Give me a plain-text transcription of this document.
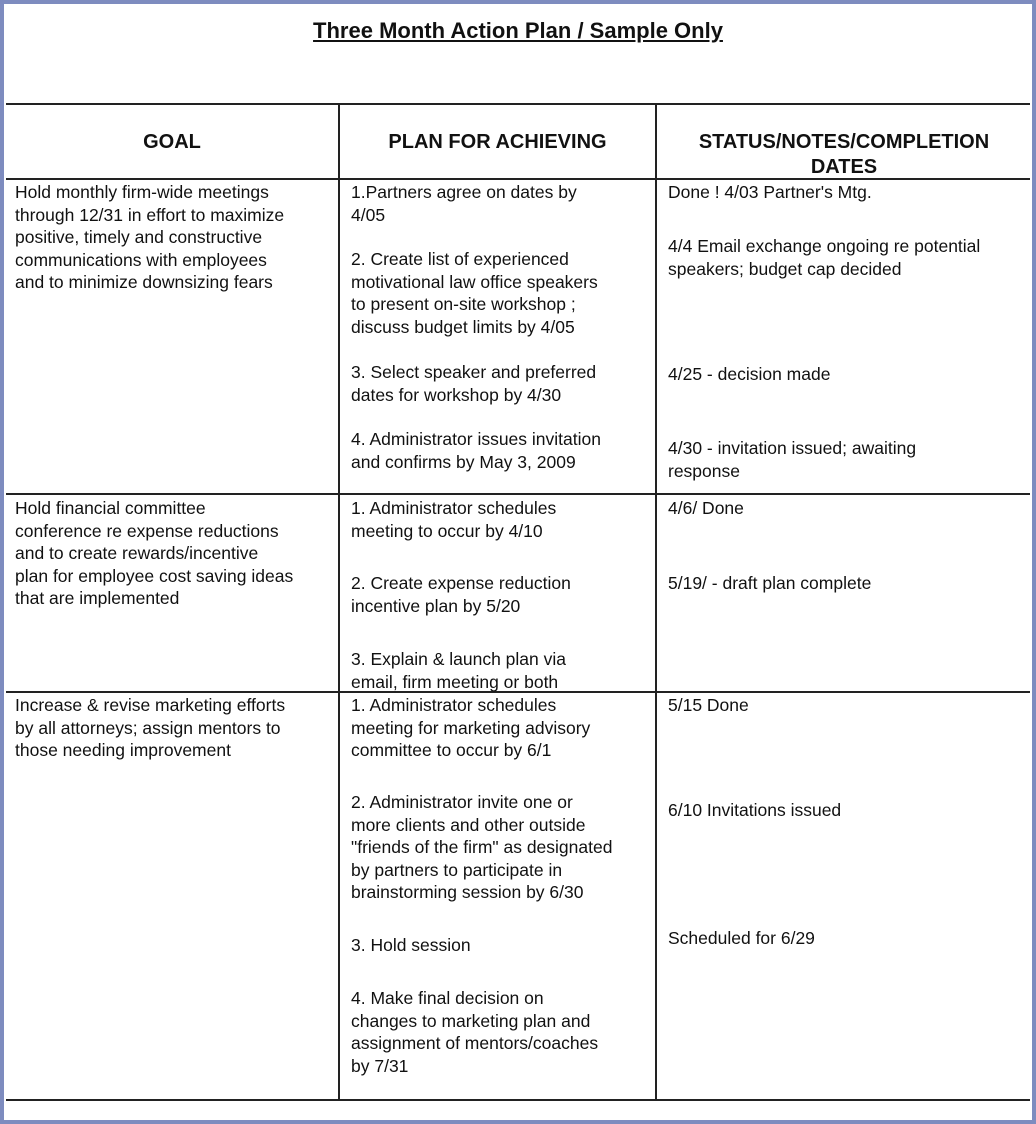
Three Month Action Plan / Sample Only
GOAL	PLAN FOR ACHIEVING	STATUS/NOTES/COMPLETION DATES
Hold monthly firm-wide meetings
through 12/31 in effort to maximize
positive, timely and constructive
communications with employees
and to minimize downsizing fears
1.Partners agree on dates by
4/05
2. Create list of experienced
motivational law office speakers
to present on-site workshop ;
discuss budget limits by 4/05
3. Select speaker and preferred
dates for workshop by 4/30
4. Administrator issues invitation
and confirms by May 3, 2009
Done ! 4/03 Partner's Mtg.
4/4 Email exchange ongoing re potential
speakers; budget cap decided
4/25 - decision made
4/30 - invitation issued; awaiting
response
Hold financial committee
conference re expense reductions
and to create rewards/incentive
plan for employee cost saving ideas
that are implemented
1. Administrator schedules
meeting to occur by 4/10
2. Create expense reduction
incentive plan by 5/20
3. Explain & launch plan via
email, firm meeting or both
4/6/ Done
5/19/ - draft plan complete
Increase & revise marketing efforts
by all attorneys; assign mentors to
those needing improvement
1. Administrator schedules
meeting for marketing advisory
committee to occur by 6/1
2. Administrator invite one or
more clients and other outside
"friends of the firm" as designated
by partners to participate in
brainstorming session by 6/30
3. Hold session
4. Make final decision on
changes to marketing plan and
assignment of mentors/coaches
by 7/31
5/15 Done
6/10 Invitations issued
Scheduled for 6/29
